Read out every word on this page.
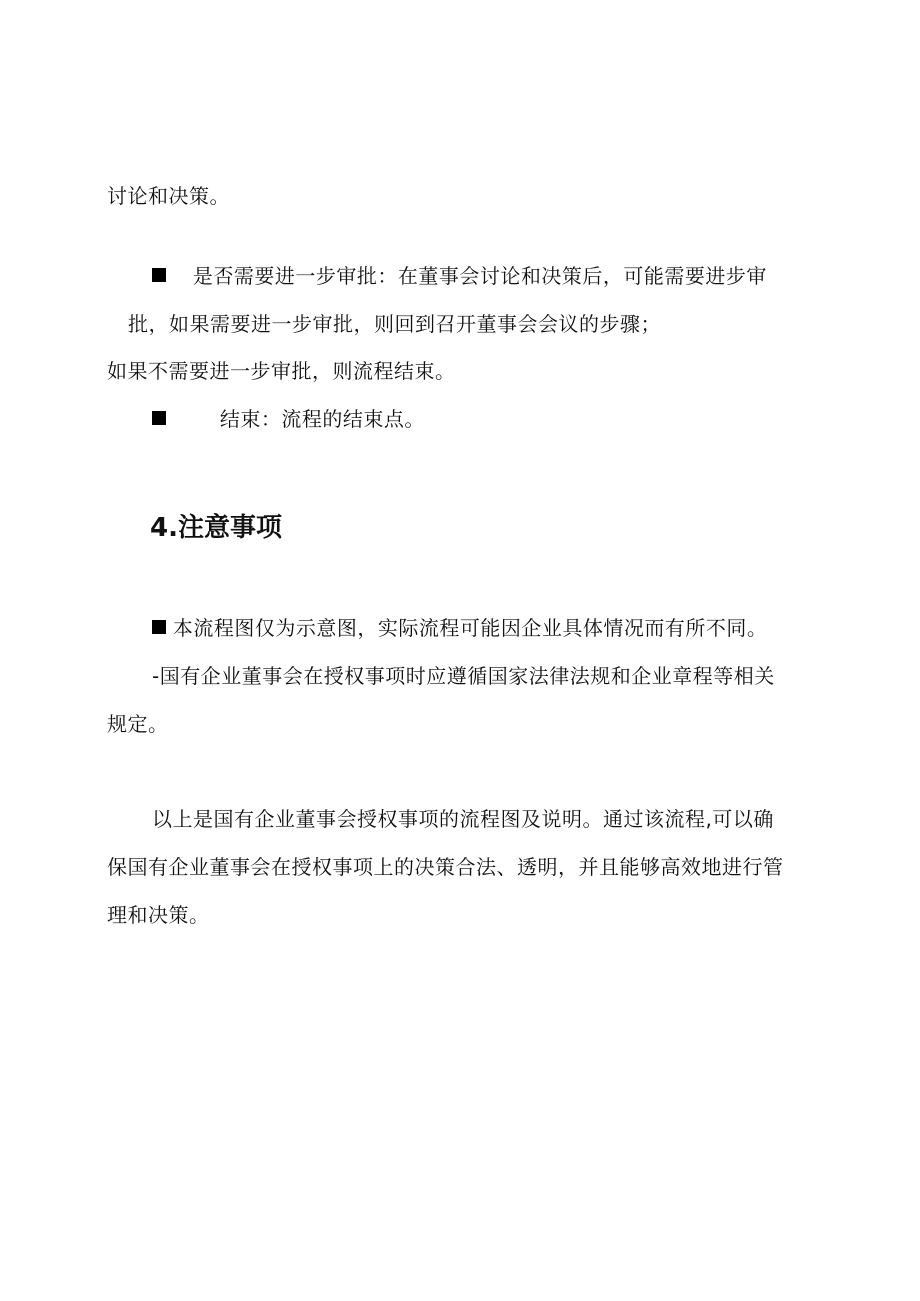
讨论和决策。
是否需要进一步审批：在董事会讨论和决策后，可能需要进步审
批，如果需要进一步审批，则回到召开董事会会议的步骤；
如果不需要进一步审批，则流程结束。
结束：流程的结束点。
4.注意事项
本流程图仅为示意图，实际流程可能因企业具体情况而有所不同。
-国有企业董事会在授权事项时应遵循国家法律法规和企业章程等相关
规定。
以上是国有企业董事会授权事项的流程图及说明。通过该流程,可以确
保国有企业董事会在授权事项上的决策合法、透明，并且能够高效地进行管
理和决策。
